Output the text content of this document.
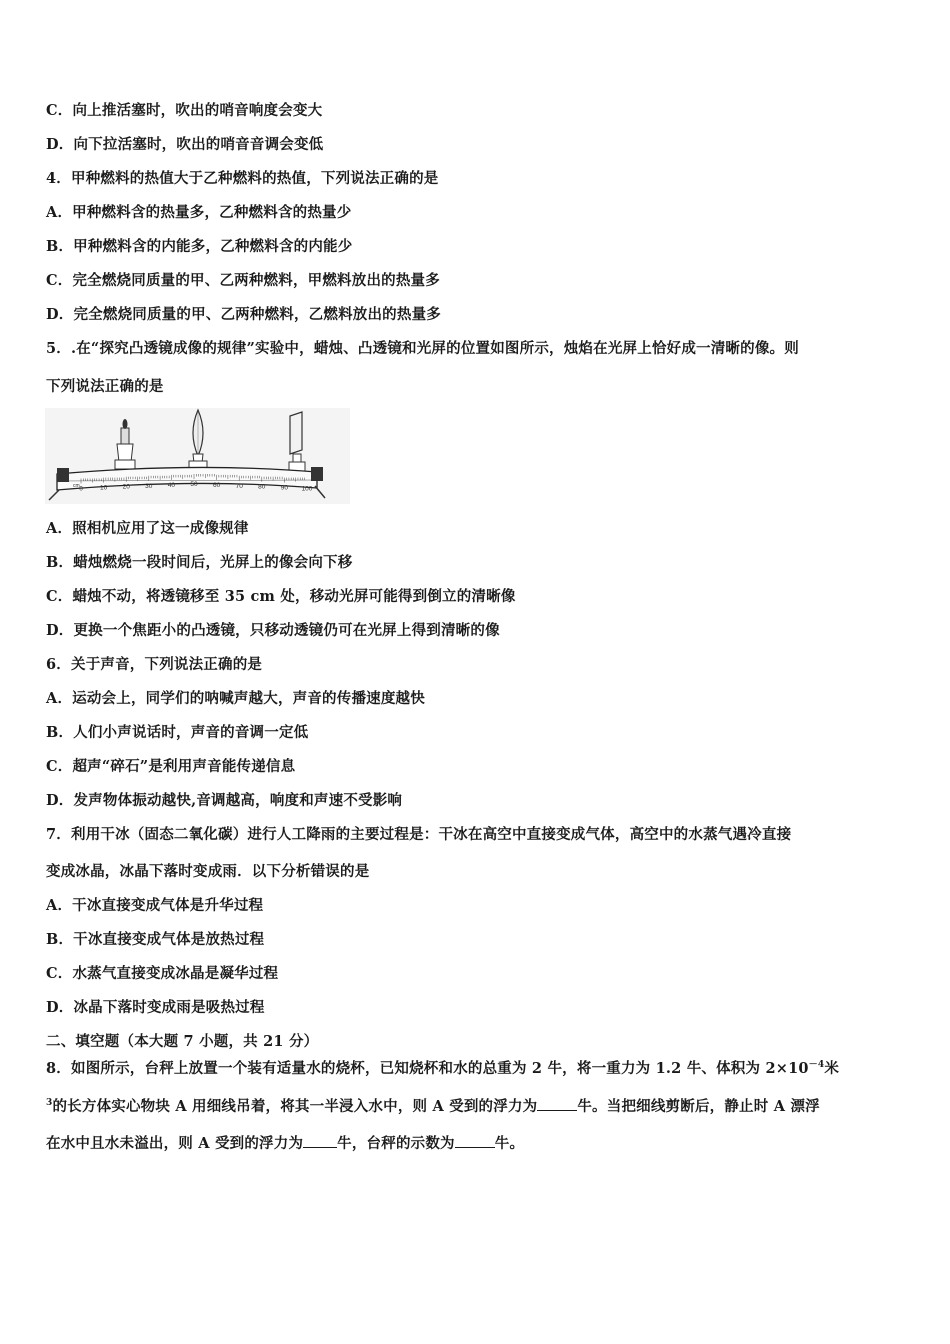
C．向上推活塞时，吹出的哨音响度会变大
D．向下拉活塞时，吹出的哨音音调会变低
4．甲种燃料的热值大于乙种燃料的热值，下列说法正确的是
A．甲种燃料含的热量多，乙种燃料含的热量少
B．甲种燃料含的内能多，乙种燃料含的内能少
C．完全燃烧同质量的甲、乙两种燃料，甲燃料放出的热量多
D．完全燃烧同质量的甲、乙两种燃料，乙燃料放出的热量多
5．.在“探究凸透镜成像的规律”实验中，蜡烛、凸透镜和光屏的位置如图所示，烛焰在光屏上恰好成一清晰的像。则
下列说法正确的是
cm 0	10 20 30 40 50 60 70 80 90 100
A．照相机应用了这一成像规律
B．蜡烛燃烧一段时间后，光屏上的像会向下移
C．蜡烛不动，将透镜移至 35 cm 处，移动光屏可能得到倒立的清晰像
D．更换一个焦距小的凸透镜，只移动透镜仍可在光屏上得到清晰的像
6．关于声音，下列说法正确的是
A．运动会上，同学们的呐喊声越大，声音的传播速度越快
B．人们小声说话时，声音的音调一定低
C．超声“碎石”是利用声音能传递信息
D．发声物体振动越快,音调越高，响度和声速不受影响
7．利用干冰（固态二氧化碳）进行人工降雨的主要过程是：干冰在高空中直接变成气体，高空中的水蒸气遇冷直接
变成冰晶，冰晶下落时变成雨．以下分析错误的是
A．干冰直接变成气体是升华过程
B．干冰直接变成气体是放热过程
C．水蒸气直接变成冰晶是凝华过程
D．冰晶下落时变成雨是吸热过程
二、填空题（本大题 7 小题，共 21 分）
8．如图所示，台秤上放置一个装有适量水的烧杯，已知烧杯和水的总重为 2 牛，将一重力为 1.2 牛、体积为 $2\times 10^{-4}$米
$^3$的长方体实心物块 A 用细线吊着，将其一半浸入水中，则 A 受到的浮力为	牛。当把细线剪断后，静止时 A 漂浮
在水中且水未溢出，则 A 受到的浮力为 牛，台秤的示数为	牛。
